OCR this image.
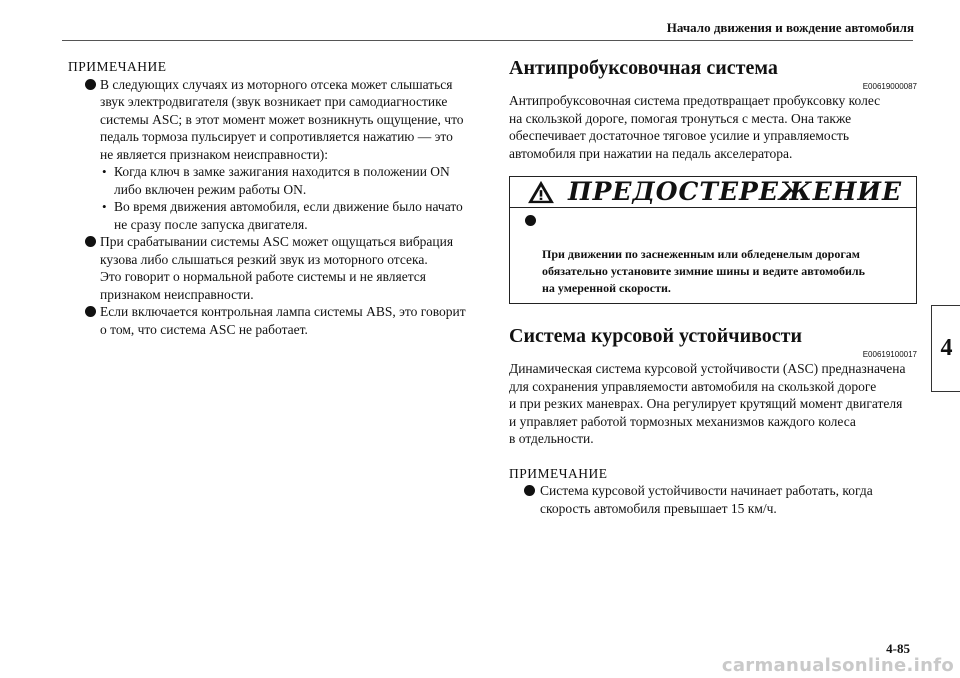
Начало движения и вождение автомобиля
4
ПРИМЕЧАНИЕ
В следующих случаях из моторного отсека может слышаться
звук электродвигателя (звук возникает при самодиагностике
системы ASC; в этот момент может возникнуть ощущение, что
педаль тормоза пульсирует и сопротивляется нажатию — это
не является признаком неисправности):
• Когда ключ в замке зажигания находится в положении ON
либо включен режим работы ON.
• Во время движения автомобиля, если движение было начато
не сразу после запуска двигателя.
При срабатывании системы ASC может ощущаться вибрация
кузова либо слышаться резкий звук из моторного отсека.
Это говорит о нормальной работе системы и не является
признаком неисправности.
Если включается контрольная лампа системы ABS, это говорит
о том, что система ASC не работает.
Антипробуксовочная система
E00619000087
Антипробуксовочная система предотвращает пробуксовку колес
на скользкой дороге, помогая тронуться с места. Она также
обеспечивает достаточное тяговое усилие и управляемость
автомобиля при нажатии на педаль акселератора.
ПРЕДОСТЕРЕЖЕНИЕ

При движении по заснеженным или обледенелым дорогам
обязательно установите зимние шины и ведите автомобиль
на умеренной скорости.

Система курсовой устойчивости
E00619100017
Динамическая система курсовой устойчивости (ASC) предназначена
для сохранения управляемости автомобиля на скользкой дороге
и при резких маневрах. Она регулирует крутящий момент двигателя
и управляет работой тормозных механизмов каждого колеса
в отдельности.
ПРИМЕЧАНИЕ
Система курсовой устойчивости начинает работать, когда
скорость автомобиля превышает 15 км/ч.
4-85
carmanualsonline.info
